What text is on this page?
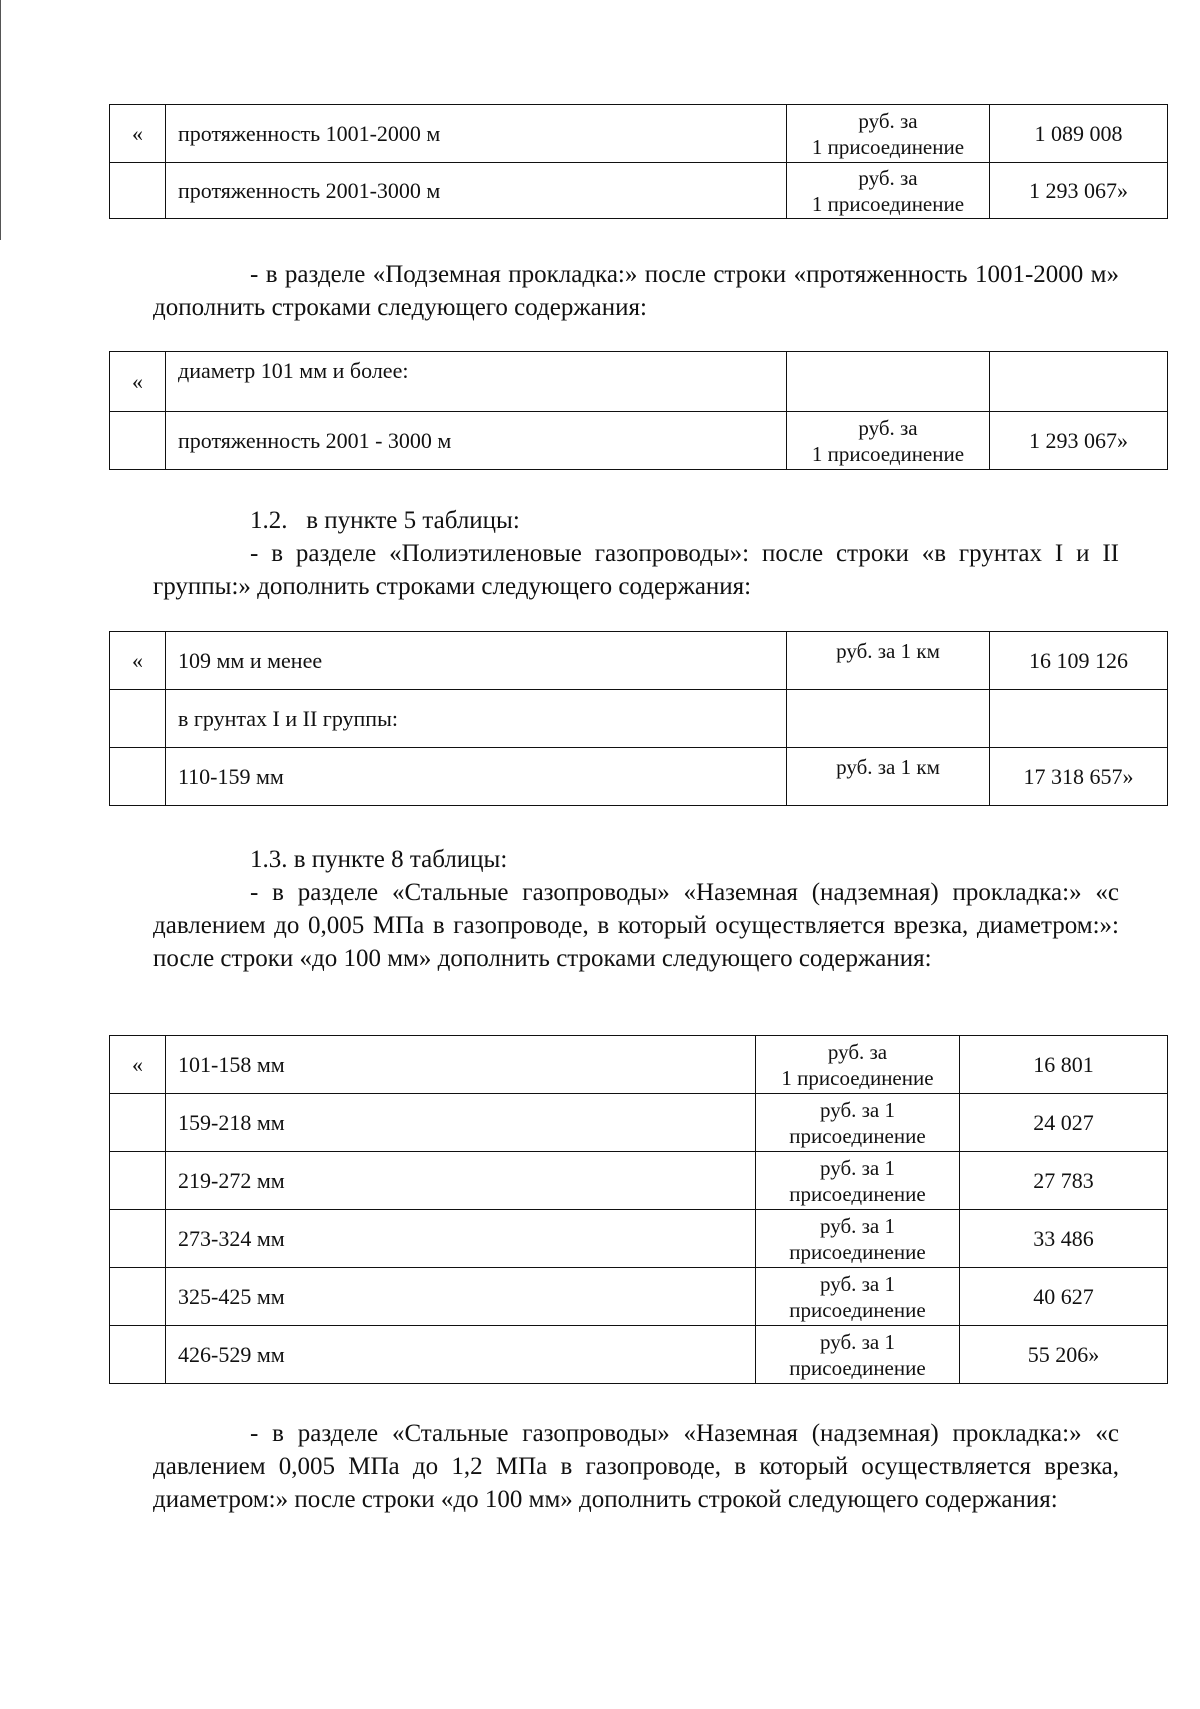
«	протяженность 1001-2000 м	руб. за
1 присоединение	1 089 008
	протяженность 2001-3000 м	руб. за
1 присоединение	1 293 067»

- в разделе «Подземная прокладка:» после строки «протяженность 1001-2000 м» дополнить строками следующего содержания:

«	диаметр 101 мм и более:		
	протяженность 2001 - 3000 м	руб. за
1 присоединение	1 293 067»

1.2.   в пункте 5 таблицы:

- в разделе «Полиэтиленовые газопроводы»: после строки «в грунтах I и II группы:» дополнить строками следующего содержания:

«	109 мм и менее	руб. за 1 км	16 109 126
	в грунтах I и II группы:		
	110-159 мм	руб. за 1 км	17 318 657»

1.3. в пункте 8 таблицы:

- в разделе «Стальные газопроводы» «Наземная (надземная) прокладка:» «с давлением до 0,005 МПа в газопроводе, в который осуществляется врезка, диаметром:»: после строки «до 100 мм» дополнить строками следующего содержания:

«	101-158 мм	руб. за
1 присоединение	16 801
	159-218 мм	руб. за 1
присоединение	24 027
	219-272 мм	руб. за 1
присоединение	27 783
	273-324 мм	руб. за 1
присоединение	33 486
	325-425 мм	руб. за 1
присоединение	40 627
	426-529 мм	руб. за 1
присоединение	55 206»

- в разделе «Стальные газопроводы» «Наземная (надземная) прокладка:» «с давлением 0,005 МПа до 1,2 МПа в газопроводе, в который осуществляется врезка, диаметром:» после строки «до 100 мм» дополнить строкой следующего содержания:
